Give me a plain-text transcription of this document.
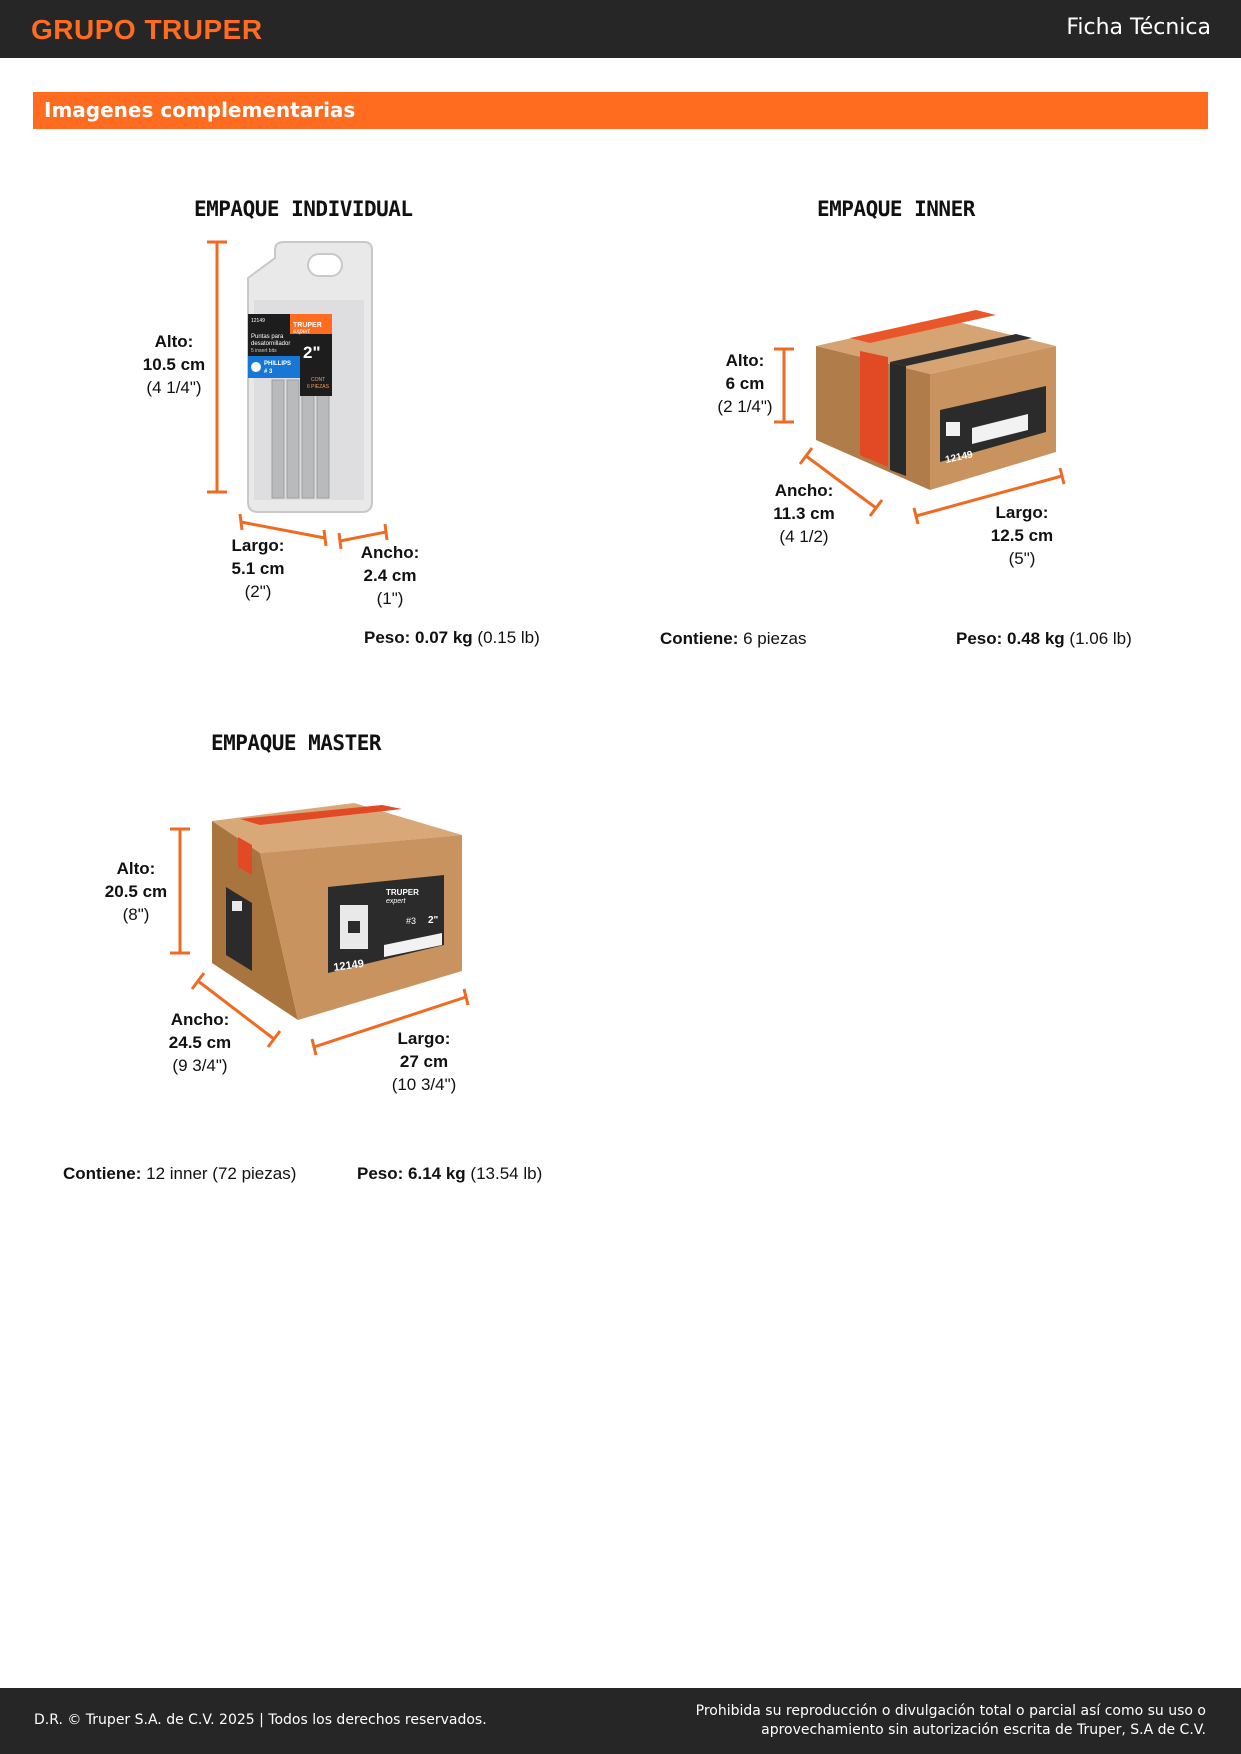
GRUPO TRUPER	Ficha Técnica
Imagenes complementarias
EMPAQUE INDIVIDUAL
TRUPER
expert
12149
Puntas para
desatornillador
5 insert bits 2"
PHILLIPS
# 3
CONT
6 PIEZAS
Alto:
10.5 cm
(4 1/4")
Largo:
5.1 cm
(2")
Ancho:
2.4 cm
(1")
Peso: 0.07 kg (0.15 lb)
EMPAQUE INNER
12149
Alto:
6 cm
(2 1/4")
Ancho:
11.3 cm
(4 1/2)
Largo:
12.5 cm
(5")
Contiene: 6 piezas	Peso: 0.48 kg (1.06 lb)
EMPAQUE MASTER
TRUPER
expert
#3 2"
12149
Alto:
20.5 cm
(8")
Ancho:
24.5 cm
(9 3/4")
Largo:
27 cm
(10 3/4")
Contiene: 12 inner (72 piezas)	Peso: 6.14 kg (13.54 lb)
D.R. © Truper S.A. de C.V. 2025 | Todos los derechos reservados.
Prohibida su reproducción o divulgación total o parcial así como su uso o
aprovechamiento sin autorización escrita de Truper, S.A de C.V.
